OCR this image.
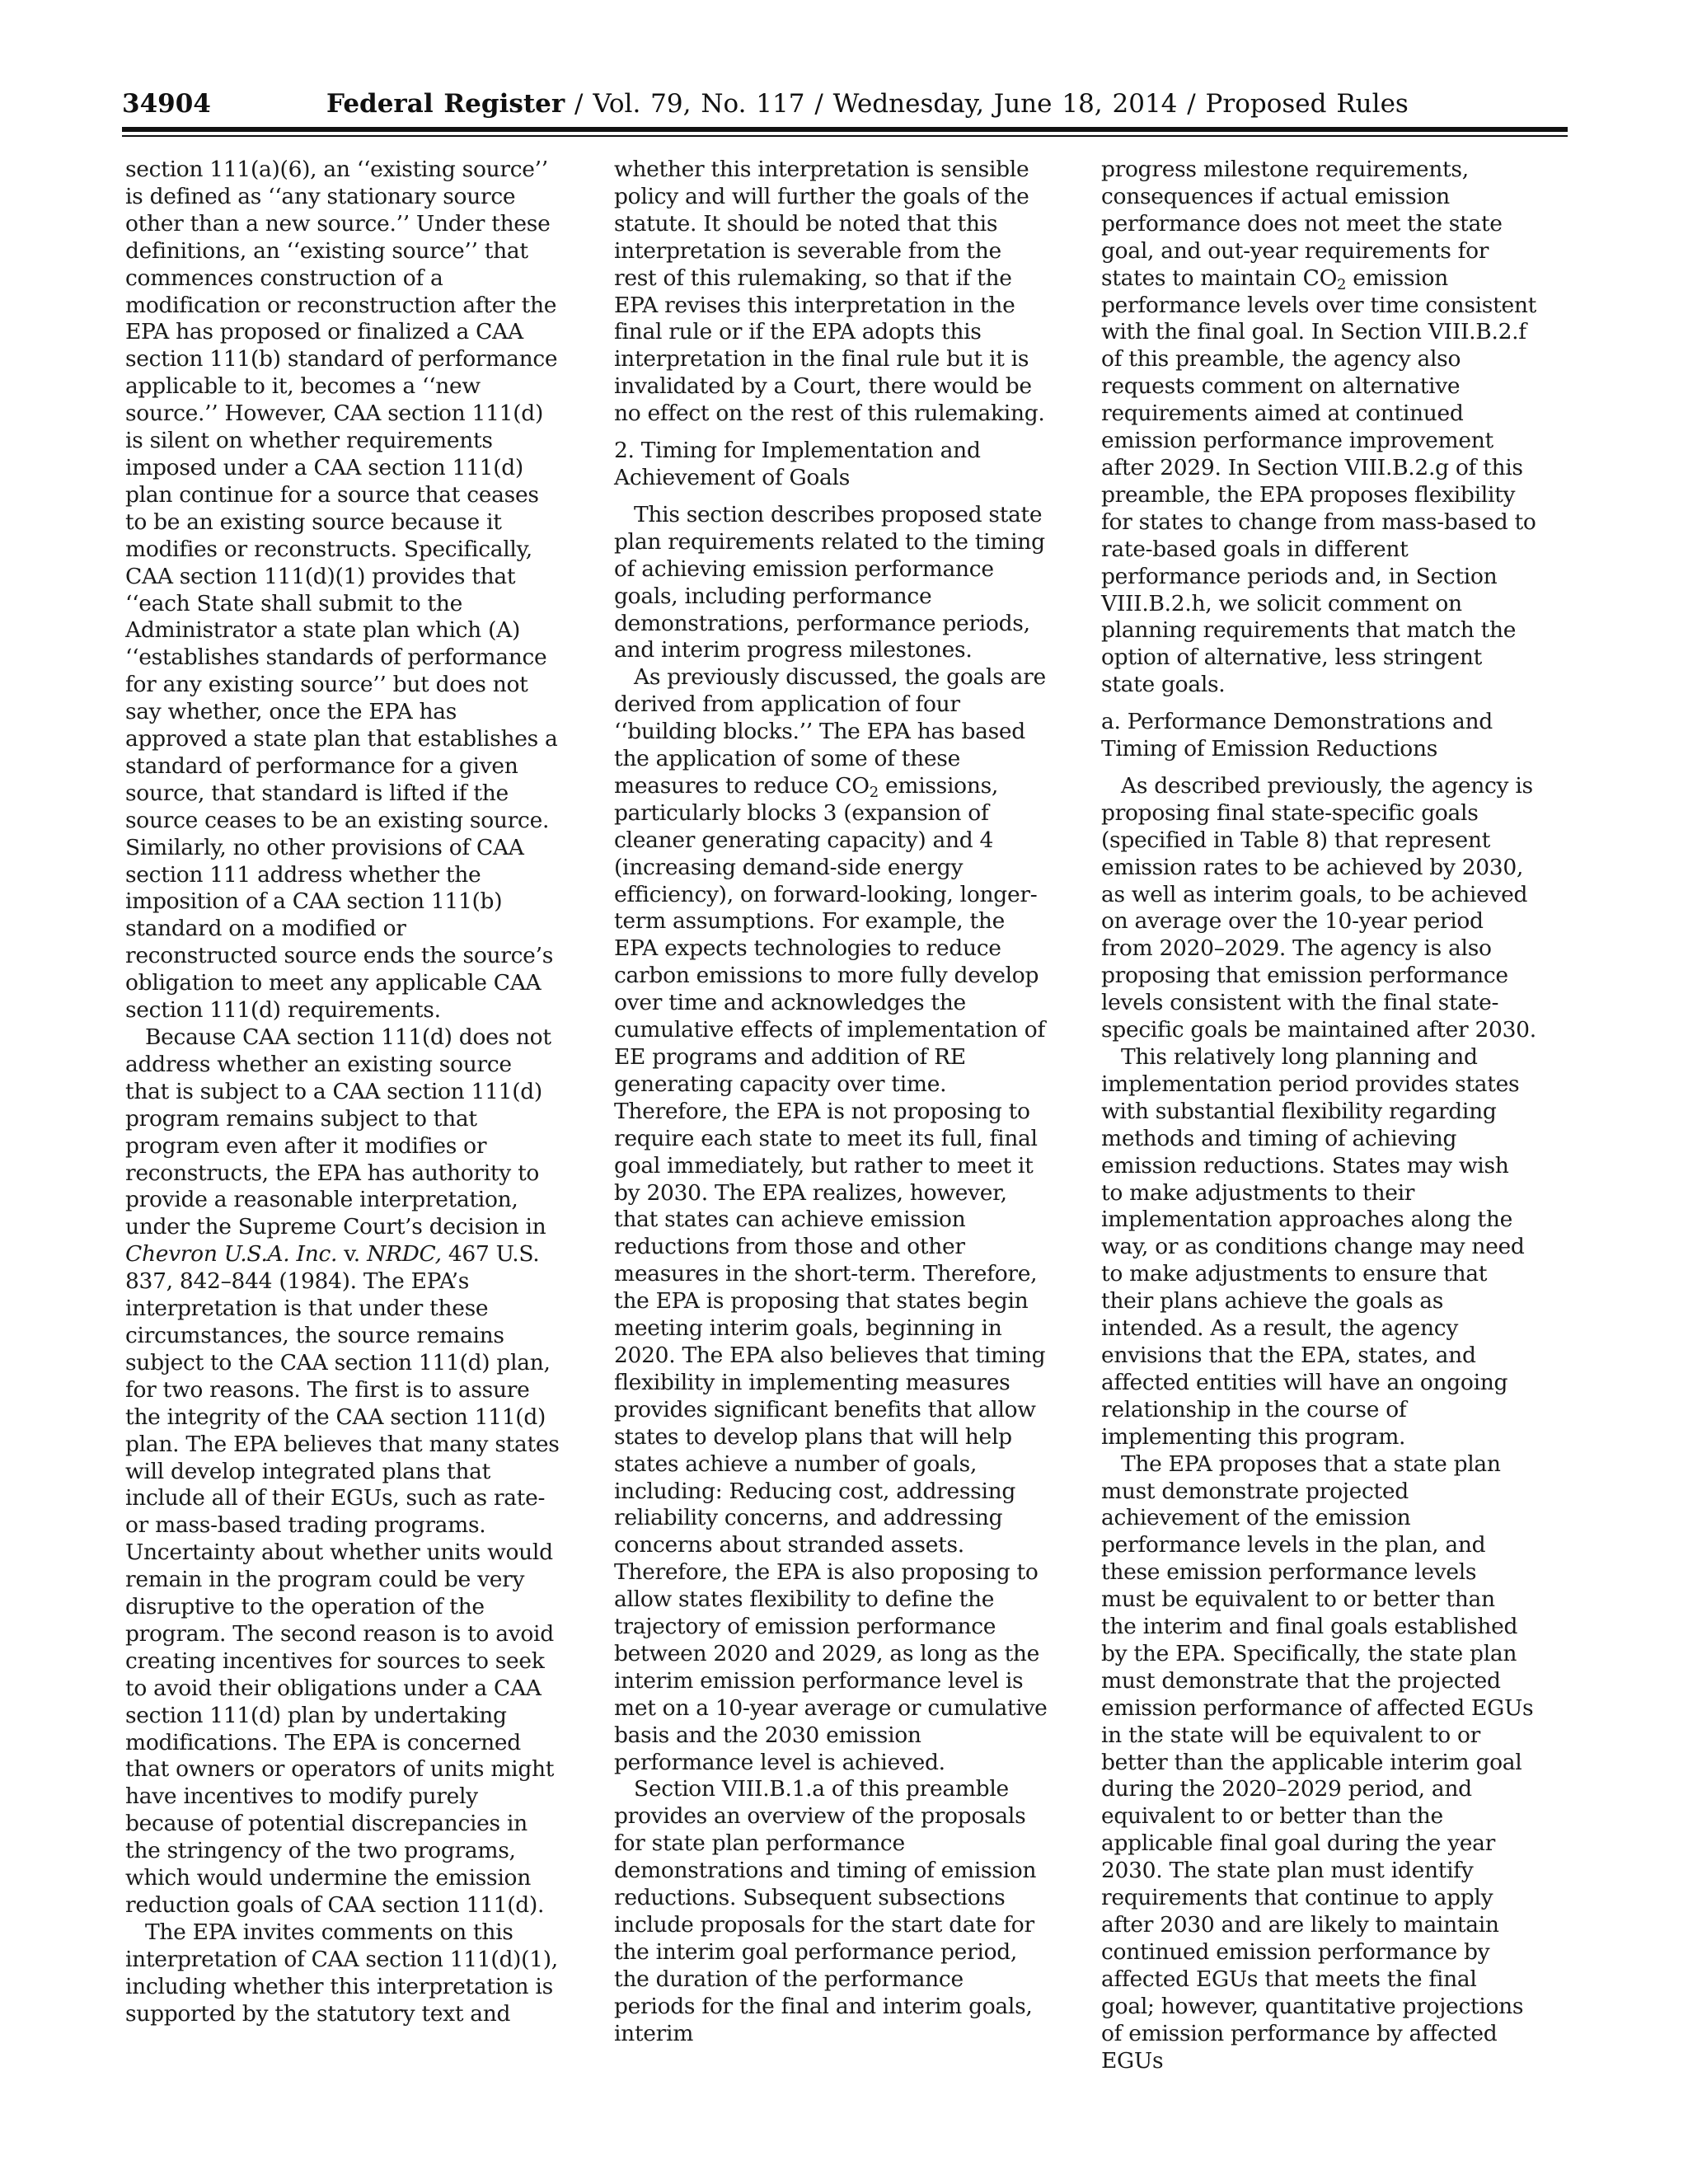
34904	Federal Register / Vol. 79, No. 117 / Wednesday, June 18, 2014 / Proposed Rules

section 111(a)(6), an ‘‘existing source’’ is defined as ‘‘any stationary source other than a new source.’’ Under these definitions, an ‘‘existing source’’ that commences construction of a modification or reconstruction after the EPA has proposed or finalized a CAA section 111(b) standard of performance applicable to it, becomes a ‘‘new source.’’ However, CAA section 111(d) is silent on whether requirements imposed under a CAA section 111(d) plan continue for a source that ceases to be an existing source because it modifies or reconstructs. Specifically, CAA section 111(d)(1) provides that ‘‘each State shall submit to the Administrator a state plan which (A) ‘‘establishes standards of performance for any existing source’’ but does not say whether, once the EPA has approved a state plan that establishes a standard of performance for a given source, that standard is lifted if the source ceases to be an existing source. Similarly, no other provisions of CAA section 111 address whether the imposition of a CAA section 111(b) standard on a modified or reconstructed source ends the source’s obligation to meet any applicable CAA section 111(d) requirements.

Because CAA section 111(d) does not address whether an existing source that is subject to a CAA section 111(d) program remains subject to that program even after it modifies or reconstructs, the EPA has authority to provide a reasonable interpretation, under the Supreme Court’s decision in Chevron U.S.A. Inc. v. NRDC, 467 U.S. 837, 842–844 (1984). The EPA’s interpretation is that under these circumstances, the source remains subject to the CAA section 111(d) plan, for two reasons. The first is to assure the integrity of the CAA section 111(d) plan. The EPA believes that many states will develop integrated plans that include all of their EGUs, such as rate- or mass-based trading programs. Uncertainty about whether units would remain in the program could be very disruptive to the operation of the program. The second reason is to avoid creating incentives for sources to seek to avoid their obligations under a CAA section 111(d) plan by undertaking modifications. The EPA is concerned that owners or operators of units might have incentives to modify purely because of potential discrepancies in the stringency of the two programs, which would undermine the emission reduction goals of CAA section 111(d).

The EPA invites comments on this interpretation of CAA section 111(d)(1), including whether this interpretation is supported by the statutory text and

whether this interpretation is sensible policy and will further the goals of the statute. It should be noted that this interpretation is severable from the rest of this rulemaking, so that if the EPA revises this interpretation in the final rule or if the EPA adopts this interpretation in the final rule but it is invalidated by a Court, there would be no effect on the rest of this rulemaking.

2. Timing for Implementation and Achievement of Goals

This section describes proposed state plan requirements related to the timing of achieving emission performance goals, including performance demonstrations, performance periods, and interim progress milestones.

As previously discussed, the goals are derived from application of four ‘‘building blocks.’’ The EPA has based the application of some of these measures to reduce $CO_2$ emissions, particularly blocks 3 (expansion of cleaner generating capacity) and 4 (increasing demand-side energy efficiency), on forward-looking, longer-term assumptions. For example, the EPA expects technologies to reduce carbon emissions to more fully develop over time and acknowledges the cumulative effects of implementation of EE programs and addition of RE generating capacity over time. Therefore, the EPA is not proposing to require each state to meet its full, final goal immediately, but rather to meet it by 2030. The EPA realizes, however, that states can achieve emission reductions from those and other measures in the short-term. Therefore, the EPA is proposing that states begin meeting interim goals, beginning in 2020. The EPA also believes that timing flexibility in implementing measures provides significant benefits that allow states to develop plans that will help states achieve a number of goals, including: Reducing cost, addressing reliability concerns, and addressing concerns about stranded assets. Therefore, the EPA is also proposing to allow states flexibility to define the trajectory of emission performance between 2020 and 2029, as long as the interim emission performance level is met on a 10-year average or cumulative basis and the 2030 emission performance level is achieved.

Section VIII.B.1.a of this preamble provides an overview of the proposals for state plan performance demonstrations and timing of emission reductions. Subsequent subsections include proposals for the start date for the interim goal performance period, the duration of the performance periods for the final and interim goals, interim

progress milestone requirements, consequences if actual emission performance does not meet the state goal, and out-year requirements for states to maintain $CO_2$ emission performance levels over time consistent with the final goal. In Section VIII.B.2.f of this preamble, the agency also requests comment on alternative requirements aimed at continued emission performance improvement after 2029. In Section VIII.B.2.g of this preamble, the EPA proposes flexibility for states to change from mass-based to rate-based goals in different performance periods and, in Section VIII.B.2.h, we solicit comment on planning requirements that match the option of alternative, less stringent state goals.

a. Performance Demonstrations and Timing of Emission Reductions

As described previously, the agency is proposing final state-specific goals (specified in Table 8) that represent emission rates to be achieved by 2030, as well as interim goals, to be achieved on average over the 10-year period from 2020–2029. The agency is also proposing that emission performance levels consistent with the final state-specific goals be maintained after 2030.

This relatively long planning and implementation period provides states with substantial flexibility regarding methods and timing of achieving emission reductions. States may wish to make adjustments to their implementation approaches along the way, or as conditions change may need to make adjustments to ensure that their plans achieve the goals as intended. As a result, the agency envisions that the EPA, states, and affected entities will have an ongoing relationship in the course of implementing this program.

The EPA proposes that a state plan must demonstrate projected achievement of the emission performance levels in the plan, and these emission performance levels must be equivalent to or better than the interim and final goals established by the EPA. Specifically, the state plan must demonstrate that the projected emission performance of affected EGUs in the state will be equivalent to or better than the applicable interim goal during the 2020–2029 period, and equivalent to or better than the applicable final goal during the year 2030. The state plan must identify requirements that continue to apply after 2030 and are likely to maintain continued emission performance by affected EGUs that meets the final goal; however, quantitative projections of emission performance by affected EGUs
